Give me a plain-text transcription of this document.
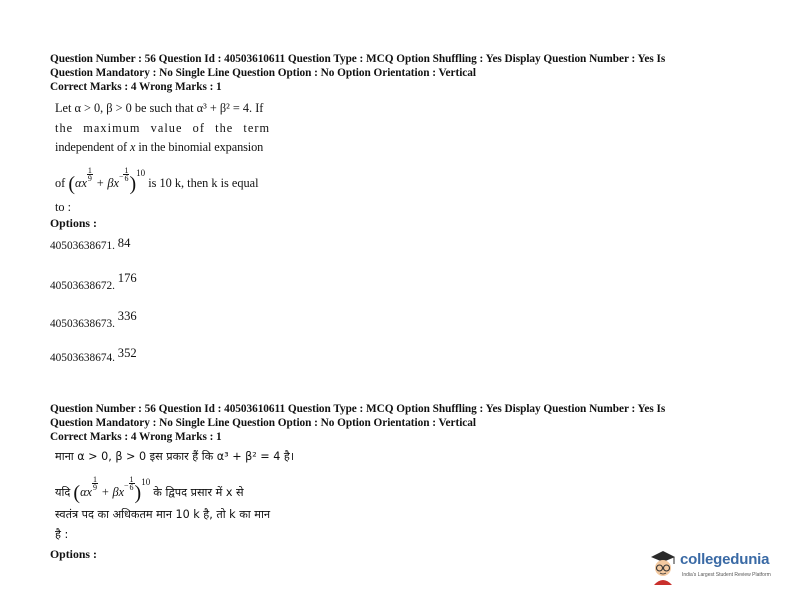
Question Number : 56 Question Id : 40503610611 Question Type : MCQ Option Shuffling : Yes Display Question Number : Yes Is
Question Mandatory : No Single Line Question Option : No Option Orientation : Vertical
Correct Marks : 4 Wrong Marks : 1
Let α > 0, β > 0 be such that α³ + β² = 4. If
the maximum value of the term
independent of x in the binomial expansion
of (αx
$^{\frac{1}{9}}$
+ βx− $^{\frac{1}{6}}$ )$^{10}$ is 10 k, then k is equal
to :
Options :
40503638671. 84
40503638672. 176
40503638673. 336
40503638674. 352
Question Number : 56 Question Id : 40503610611 Question Type : MCQ Option Shuffling : Yes Display Question Number : Yes Is
Question Mandatory : No Single Line Question Option : No Option Orientation : Vertical
Correct Marks : 4 Wrong Marks : 1
माना α > 0, β > 0 इस प्रकार हैं कि α³ + β² = 4 है।
यदि (αx
$^{\frac{1}{9}}$
+ βx− $^{\frac{1}{6}}$ )$^{10}$ के द्विपद प्रसार में x से
स्वतंत्र पद का अधिकतम मान 10 k है, तो k का मान
है :
Options :	collegedunia
India's Largest Student Review Platform
